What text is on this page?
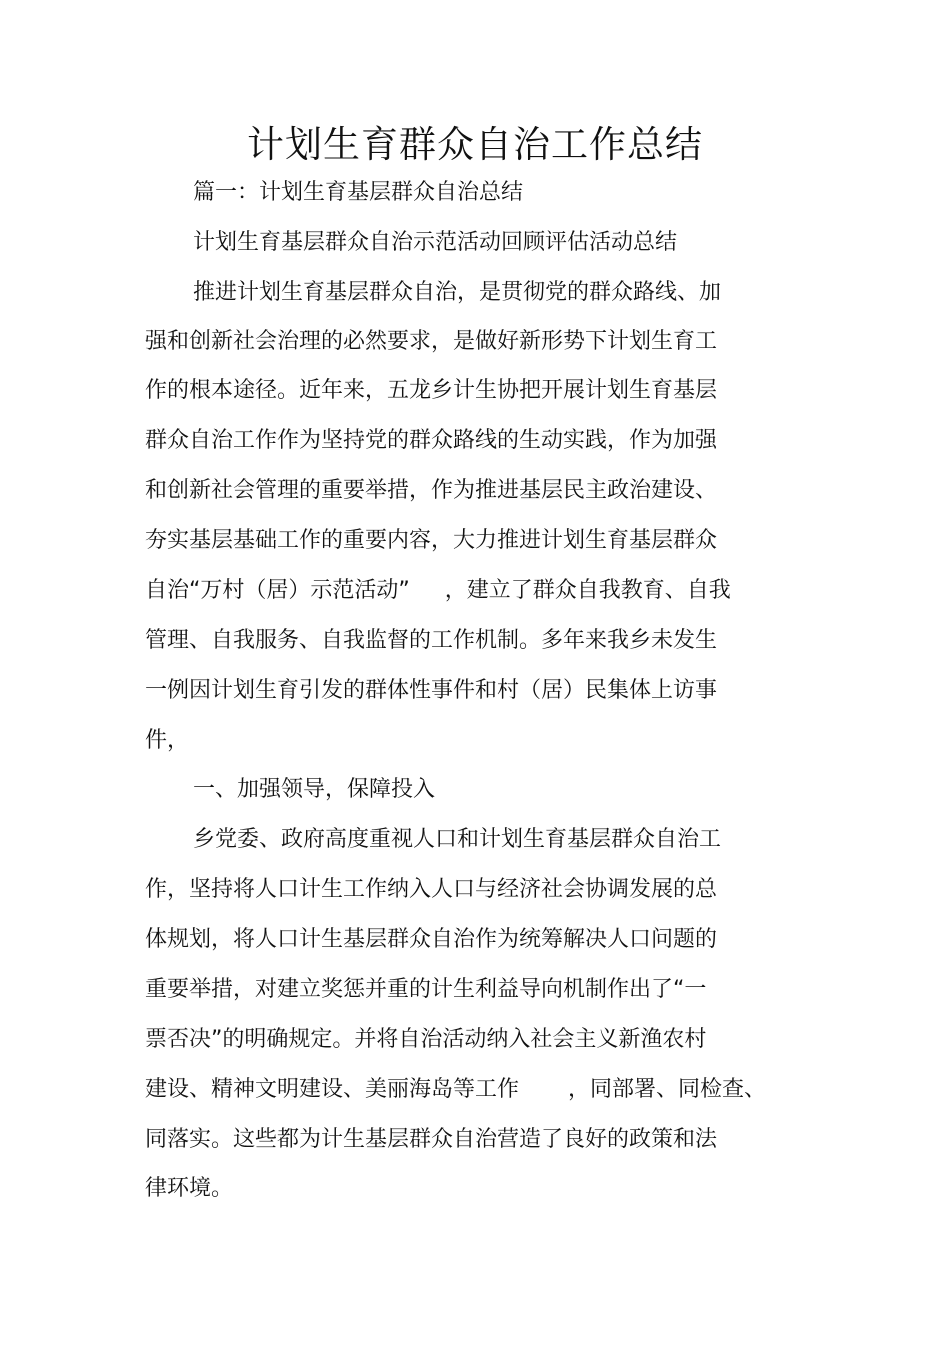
计划生育群众自治工作总结

篇一：计划生育基层群众自治总结

计划生育基层群众自治示范活动回顾评估活动总结

推进计划生育基层群众自治，是贯彻党的群众路线、加

强和创新社会治理的必然要求，是做好新形势下计划生育工

作的根本途径。近年来，五龙乡计生协把开展计划生育基层

群众自治工作作为坚持党的群众路线的生动实践，作为加强

和创新社会管理的重要举措，作为推进基层民主政治建设、

夯实基层基础工作的重要内容，大力推进计划生育基层群众

自治“万村（居）示范活动”     ，建立了群众自我教育、自我

管理、自我服务、自我监督的工作机制。多年来我乡未发生

一例因计划生育引发的群体性事件和村（居）民集体上访事

件，

一、加强领导，保障投入

乡党委、政府高度重视人口和计划生育基层群众自治工

作，坚持将人口计生工作纳入人口与经济社会协调发展的总

体规划，将人口计生基层群众自治作为统筹解决人口问题的

重要举措，对建立奖惩并重的计生利益导向机制作出了“一

票否决”的明确规定。并将自治活动纳入社会主义新渔农村

建设、精神文明建设、美丽海岛等工作       ，同部署、同检查、

同落实。这些都为计生基层群众自治营造了良好的政策和法

律环境。
